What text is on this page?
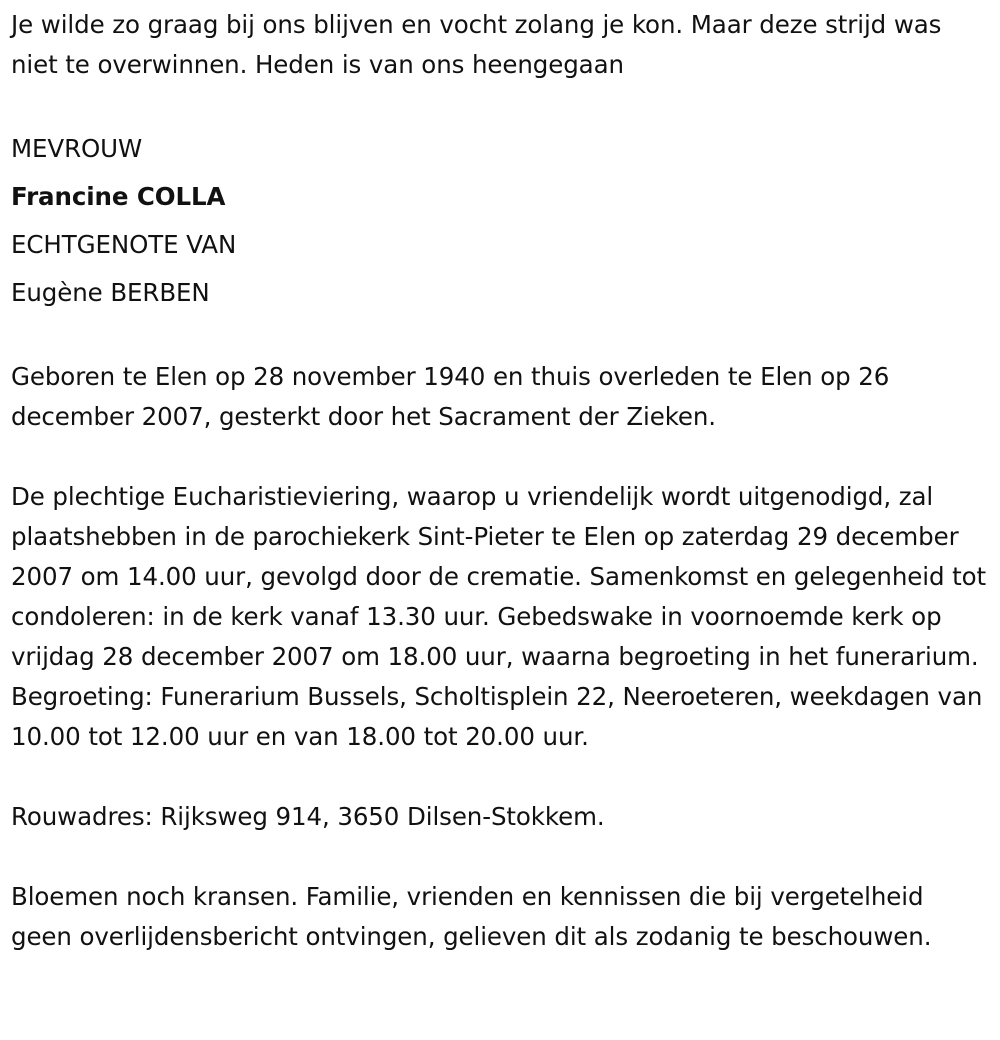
Je wilde zo graag bij ons blijven en vocht zolang je kon. Maar deze strijd was niet te overwinnen. Heden is van ons heengegaan

MEVROUW

Francine COLLA

ECHTGENOTE VAN

Eugène BERBEN

Geboren te Elen op 28 november 1940 en thuis overleden te Elen op 26 december 2007, gesterkt door het Sacrament der Zieken.

De plechtige Eucharistieviering, waarop u vriendelijk wordt uitgenodigd, zal plaatshebben in de parochiekerk Sint-Pieter te Elen op zaterdag 29 december 2007 om 14.00 uur, gevolgd door de crematie. Samenkomst en gelegenheid tot condoleren: in de kerk vanaf 13.30 uur. Gebedswake in voornoemde kerk op vrijdag 28 december 2007 om 18.00 uur, waarna begroeting in het funerarium. Begroeting: Funerarium Bussels, Scholtisplein 22, Neeroeteren, weekdagen van 10.00 tot 12.00 uur en van 18.00 tot 20.00 uur.

Rouwadres: Rijksweg 914, 3650 Dilsen-Stokkem.

Bloemen noch kransen. Familie, vrienden en kennissen die bij vergetelheid geen overlijdensbericht ontvingen, gelieven dit als zodanig te beschouwen.
